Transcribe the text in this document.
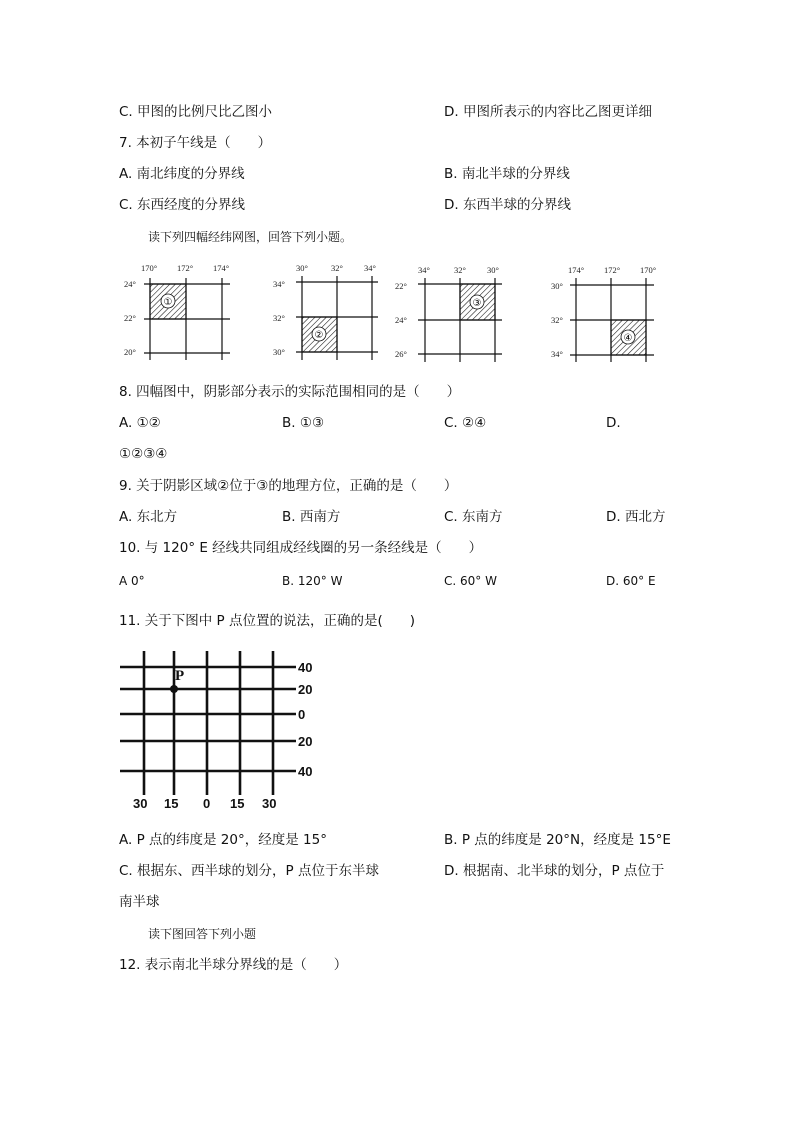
C. 甲图的比例尺比乙图小	D. 甲图所表示的内容比乙图更详细
7. 本初子午线是（　　）
A. 南北纬度的分界线	B. 南北半球的分界线
C. 东西经度的分界线	D. 东西半球的分界线
读下列四幅经纬网图，回答下列小题。
170° 172° 174°
24°
22°
20°
①
30°	32° 34°
34°
32°
30°
②
34°	32° 30°
22°
24°
26°
③
174° 172° 170°
30°
32°
34°
④
8. 四幅图中，阴影部分表示的实际范围相同的是（　　）
A. ①②	B. ①③	C. ②④	D.
①②③④
9. 关于阴影区域②位于③的地理方位，正确的是（　　）
A. 东北方	B. 西南方	C. 东南方	D. 西北方
10. 与 120° E 经线共同组成经线圈的另一条经线是（　　）
A 0°	B. 120° W	C. 60° W	D. 60° E
11. 关于下图中 P 点位置的说法，正确的是(　　)
P
40
20
0
20
40
30 15 0 15 30
A. P 点的纬度是 20°，经度是 15°	B. P 点的纬度是 20°N，经度是 15°E
C. 根据东、西半球的划分，P 点位于东半球	D. 根据南、北半球的划分，P 点位于
南半球
读下图回答下列小题
12. 表示南北半球分界线的是（　　）
